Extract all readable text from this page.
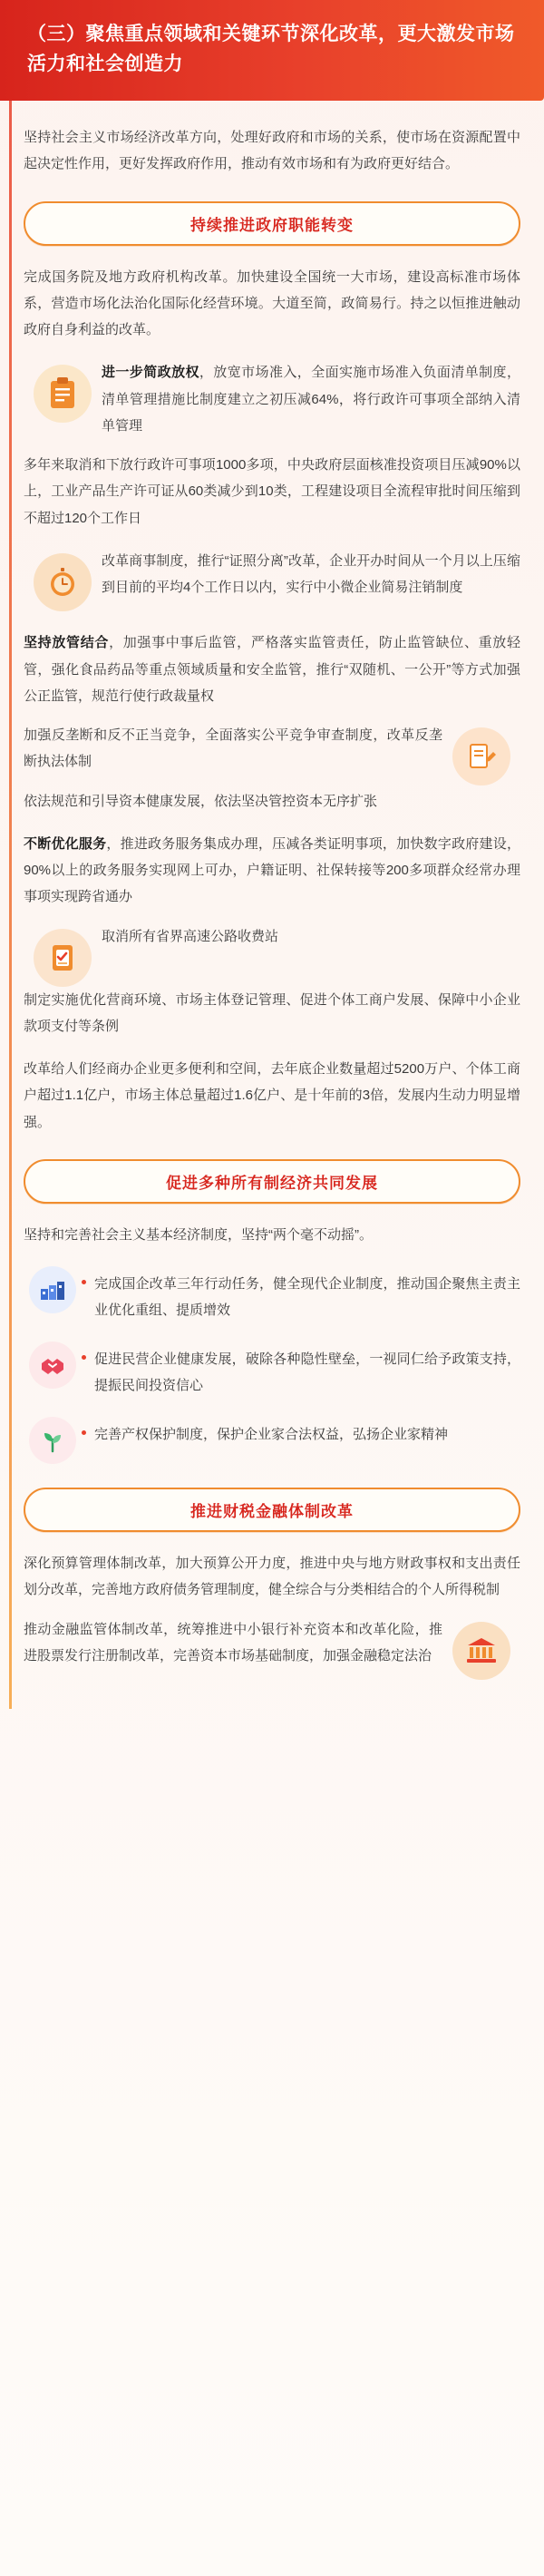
（三）聚焦重点领域和关键环节深化改革，更大激发市场活力和社会创造力

坚持社会主义市场经济改革方向，处理好政府和市场的关系，使市场在资源配置中起决定性作用，更好发挥政府作用，推动有效市场和有为政府更好结合。

持续推进政府职能转变

完成国务院及地方政府机构改革。加快建设全国统一大市场，建设高标准市场体系，营造市场化法治化国际化经营环境。大道至简，政简易行。持之以恒推进触动政府自身利益的改革。

进一步简政放权，放宽市场准入，全面实施市场准入负面清单制度，清单管理措施比制度建立之初压减64%，将行政许可事项全部纳入清单管理
多年来取消和下放行政许可事项1000多项，中央政府层面核准投资项目压减90%以上，工业产品生产许可证从60类减少到10类，工程建设项目全流程审批时间压缩到不超过120个工作日
改革商事制度，推行“证照分离”改革，企业开办时间从一个月以上压缩到目前的平均4个工作日以内，实行中小微企业简易注销制度
坚持放管结合，加强事中事后监管，严格落实监管责任，防止监管缺位、重放轻管，强化食品药品等重点领域质量和安全监管，推行“双随机、一公开”等方式加强公正监管，规范行使行政裁量权
加强反垄断和反不正当竞争，全面落实公平竞争审查制度，改革反垄断执法体制
依法规范和引导资本健康发展，依法坚决管控资本无序扩张
不断优化服务，推进政务服务集成办理，压减各类证明事项，加快数字政府建设，90%以上的政务服务实现网上可办，户籍证明、社保转接等200多项群众经常办理事项实现跨省通办
取消所有省界高速公路收费站
制定实施优化营商环境、市场主体登记管理、促进个体工商户发展、保障中小企业款项支付等条例

改革给人们经商办企业更多便利和空间，去年底企业数量超过5200万户、个体工商户超过1.1亿户，市场主体总量超过1.6亿户、是十年前的3倍，发展内生动力明显增强。

促进多种所有制经济共同发展

坚持和完善社会主义基本经济制度，坚持“两个毫不动摇”。

完成国企改革三年行动任务，健全现代企业制度，推动国企聚焦主责主业优化重组、提质增效
促进民营企业健康发展，破除各种隐性壁垒，一视同仁给予政策支持，提振民间投资信心
完善产权保护制度，保护企业家合法权益，弘扬企业家精神
推进财税金融体制改革
深化预算管理体制改革，加大预算公开力度，推进中央与地方财政事权和支出责任划分改革，完善地方政府债务管理制度，健全综合与分类相结合的个人所得税制
推动金融监管体制改革，统筹推进中小银行补充资本和改革化险，推进股票发行注册制改革，完善资本市场基础制度，加强金融稳定法治
